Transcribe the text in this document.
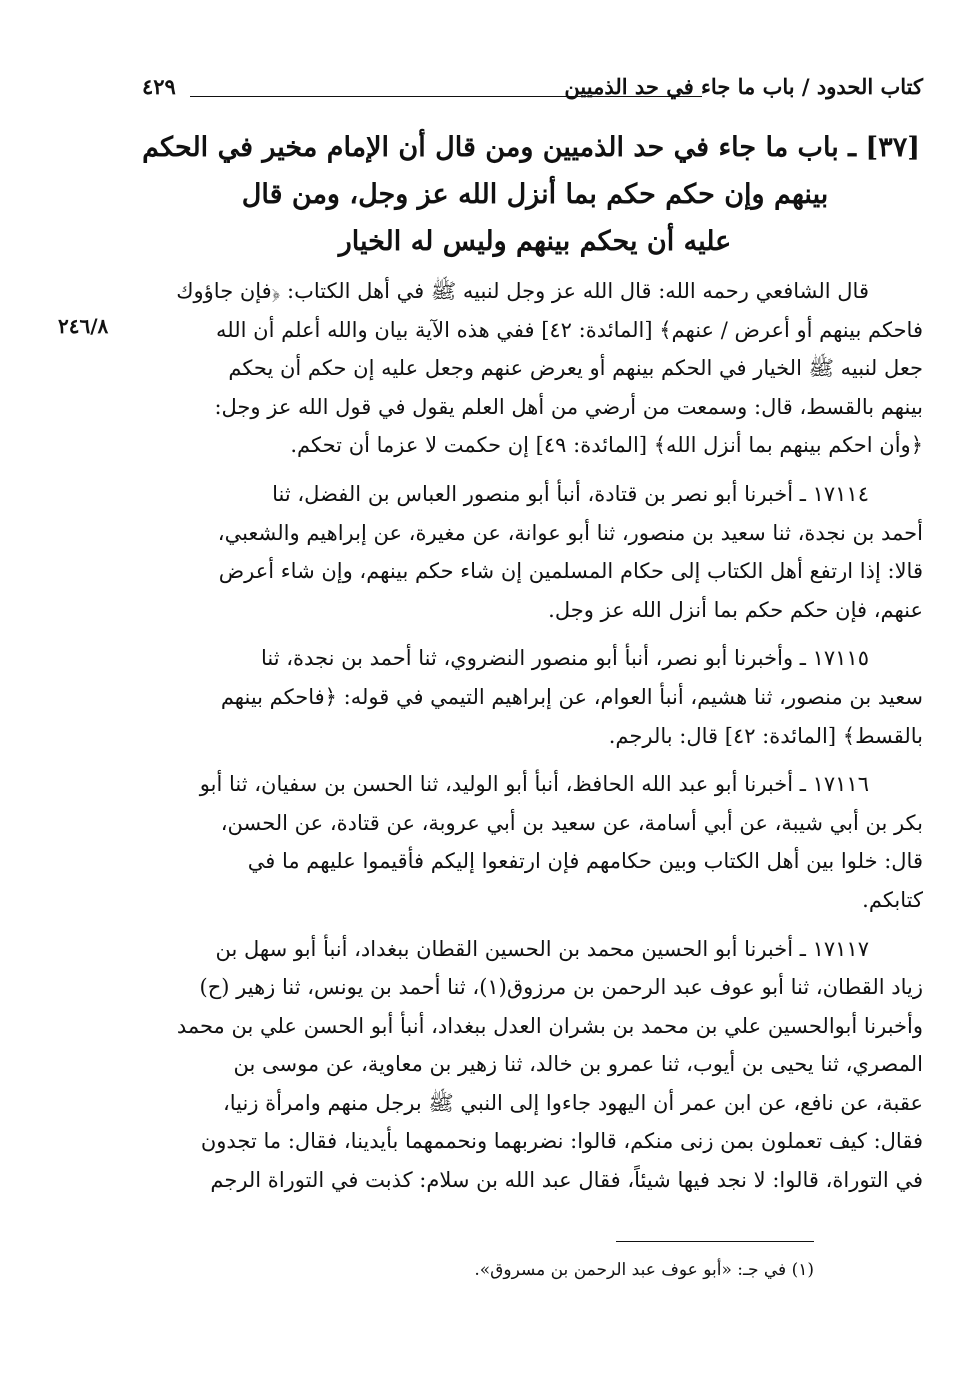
كتاب الحدود / باب ما جاء في حد الذميين
٤٢٩
[٣٧] ـ باب ما جاء في حد الذميين ومن قال أن الإمام مخير في الحكم
بينهم وإن حكم حكم بما أنزل الله عز وجل، ومن قال
عليه أن يحكم بينهم وليس له الخيار
٢٤٦/٨
قال الشافعي رحمه الله: قال الله عز وجل لنبيه ﷺ في أهل الكتاب: ﴿فإن جاؤوك
فاحكم بينهم أو أعرض / عنهم﴾ [المائدة: ٤٢] ففي هذه الآية بيان والله أعلم أن الله
جعل لنبيه ﷺ الخيار في الحكم بينهم أو يعرض عنهم وجعل عليه إن حكم أن يحكم
بينهم بالقسط، قال: وسمعت من أرضي من أهل العلم يقول في قول الله عز وجل:
﴿وأن احكم بينهم بما أنزل الله﴾ [المائدة: ٤٩] إن حكمت لا عزما أن تحكم.
١٧١١٤ ـ أخبرنا أبو نصر بن قتادة، أنبأ أبو منصور العباس بن الفضل، ثنا
أحمد بن نجدة، ثنا سعيد بن منصور، ثنا أبو عوانة، عن مغيرة، عن إبراهيم والشعبي،
قالا: إذا ارتفع أهل الكتاب إلى حكام المسلمين إن شاء حكم بينهم، وإن شاء أعرض
عنهم، فإن حكم حكم بما أنزل الله عز وجل.
١٧١١٥ ـ وأخبرنا أبو نصر، أنبأ أبو منصور النضروي، ثنا أحمد بن نجدة، ثنا
سعيد بن منصور، ثنا هشيم، أنبأ العوام، عن إبراهيم التيمي في قوله: ﴿فاحكم بينهم
بالقسط﴾ [المائدة: ٤٢] قال: بالرجم.
١٧١١٦ ـ أخبرنا أبو عبد الله الحافظ، أنبأ أبو الوليد، ثنا الحسن بن سفيان، ثنا أبو
بكر بن أبي شيبة، عن أبي أسامة، عن سعيد بن أبي عروبة، عن قتادة، عن الحسن،
قال: خلوا بين أهل الكتاب وبين حكامهم فإن ارتفعوا إليكم فأقيموا عليهم ما في
كتابكم.
١٧١١٧ ـ أخبرنا أبو الحسين محمد بن الحسين القطان ببغداد، أنبأ أبو سهل بن
زياد القطان، ثنا أبو عوف عبد الرحمن بن مرزوق(١)، ثنا أحمد بن يونس، ثنا زهير (ح)
وأخبرنا أبوالحسين علي بن محمد بن بشران العدل ببغداد، أنبأ أبو الحسن علي بن محمد
المصري، ثنا يحيى بن أيوب، ثنا عمرو بن خالد، ثنا زهير بن معاوية، عن موسى بن
عقبة، عن نافع، عن ابن عمر أن اليهود جاءوا إلى النبي ﷺ برجل منهم وامرأة زنيا،
فقال: كيف تعملون بمن زنى منكم، قالوا: نضربهما ونحممهما بأيدينا، فقال: ما تجدون
في التوراة، قالوا: لا نجد فيها شيئاً، فقال عبد الله بن سلام: كذبت في التوراة الرجم
(١) في جـ: «أبو عوف عبد الرحمن بن مسروق».
